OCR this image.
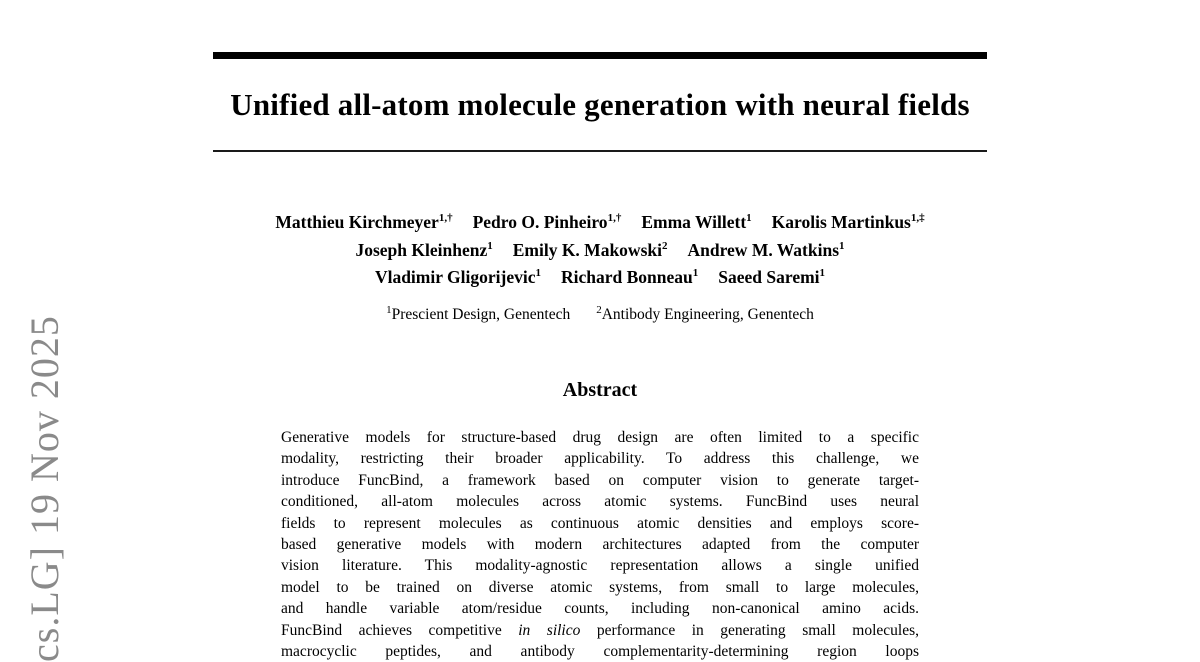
cs.LG] 19 Nov 2025
Unified all-atom molecule generation with neural fields
Matthieu Kirchmeyer$^{1,\dagger}$ Pedro O. Pinheiro$^{1,\dagger}$ Emma Willett$^1$ Karolis Martinkus$^{1,\ddagger}$
Joseph Kleinhenz$^1$ Emily K. Makowski$^2$ Andrew M. Watkins$^1$
Vladimir Gligorijevic$^1$ Richard Bonneau$^1$ Saeed Saremi$^1$
$^1$Prescient Design, Genentech $^2$Antibody Engineering, Genentech
Abstract
Generative models for structure-based drug design are often limited to a specific
modality, restricting their broader applicability. To address this challenge, we
introduce FuncBind, a framework based on computer vision to generate target-
conditioned, all-atom molecules across atomic systems. FuncBind uses neural
fields to represent molecules as continuous atomic densities and employs score-
based generative models with modern architectures adapted from the computer
vision literature. This modality-agnostic representation allows a single unified
model to be trained on diverse atomic systems, from small to large molecules,
and handle variable atom/residue counts, including non-canonical amino acids.
FuncBind achieves competitive in silico performance in generating small molecules,
macrocyclic peptides, and antibody complementarity-determining region loops
